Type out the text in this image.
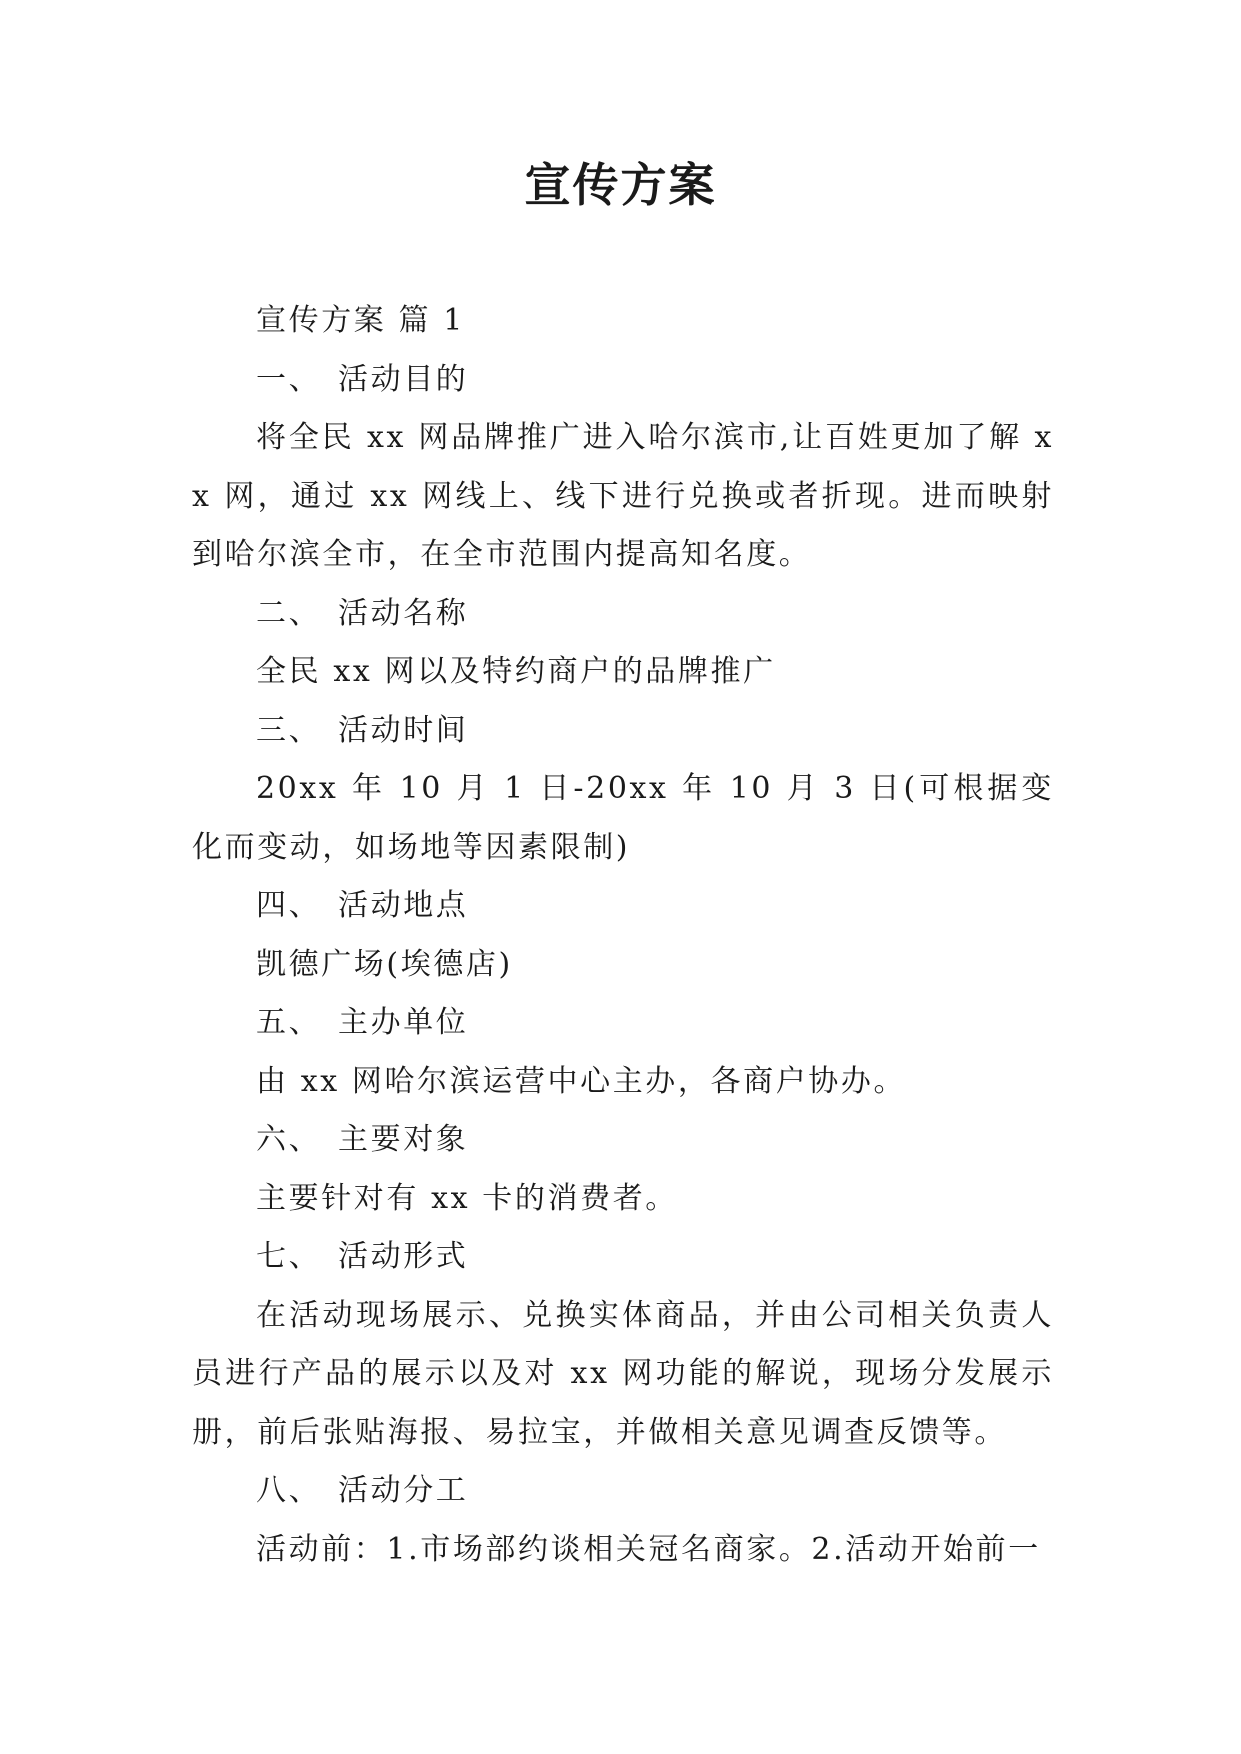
宣传方案

宣传方案 篇 1

一、 活动目的

将全民 xx 网品牌推广进入哈尔滨市,让百姓更加了解 xx 网，通过 xx 网线上、线下进行兑换或者折现。进而映射到哈尔滨全市，在全市范围内提高知名度。

二、 活动名称

全民 xx 网以及特约商户的品牌推广

三、 活动时间

20xx 年 10 月 1 日-20xx 年 10 月 3 日(可根据变化而变动，如场地等因素限制)

四、 活动地点

凯德广场(埃德店)

五、 主办单位

由 xx 网哈尔滨运营中心主办，各商户协办。

六、 主要对象

主要针对有 xx 卡的消费者。

七、 活动形式

在活动现场展示、兑换实体商品，并由公司相关负责人员进行产品的展示以及对 xx 网功能的解说，现场分发展示册，前后张贴海报、易拉宝，并做相关意见调查反馈等。

八、 活动分工

活动前：1.市场部约谈相关冠名商家。2.活动开始前一
